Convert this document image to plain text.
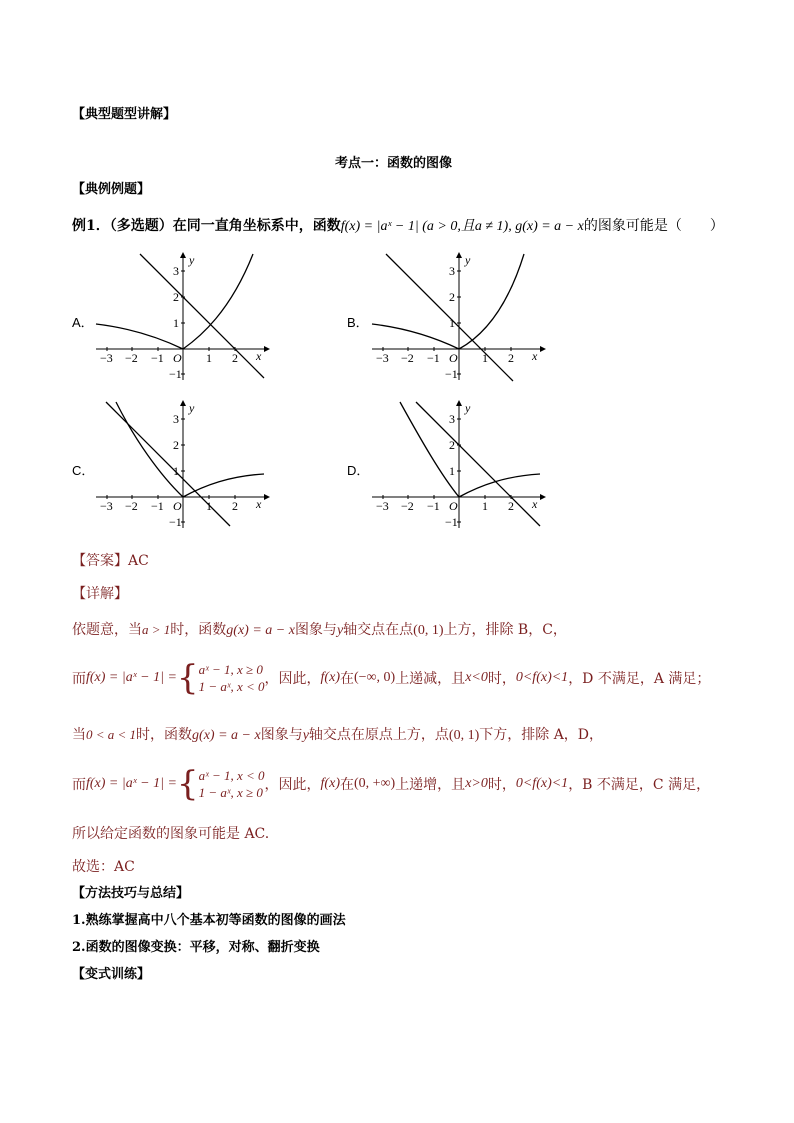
【典型题型讲解】
考点一：函数的图像
【典例例题】
例1．（多选题）在同一直角坐标系中，函数f(x) = |aˣ − 1| (a > 0,且a ≠ 1), g(x) = a − x的图象可能是（　　）
A．	B．
C．	D．
−3 −2 −1	1 2
3
2
1
−1
O	x
y
−3 −2 −1	1 2
3
2
1
−1
O	x
y
−3 −2 −1	1 2
3
2
1
−1
O	x
y
−3 −2 −1	1 2
3
2
1
−1
O	x
y
【答案】AC
【详解】
依题意，当a > 1时，函数g(x) = a − x图象与y轴交点在点(0, 1)上方，排除 B，C，
而 f(x) = |aˣ − 1| = { aˣ − 1, x ≥ 0
1 − aˣ, x < 0 ，因此， f(x) 在 (−∞, 0) 上递减，且 x<0 时， 0<f(x)<1 ，D 不满足，A 满足；
当0 < a < 1时，函数g(x) = a − x图象与y轴交点在原点上方，点(0, 1)下方，排除 A，D，
而 f(x) = |aˣ − 1| = { aˣ − 1, x < 0
1 − aˣ, x ≥ 0 ，因此， f(x) 在 (0, +∞) 上递增，且 x>0 时， 0<f(x)<1 ，B 不满足，C 满足，
所以给定函数的图象可能是 AC.
故选：AC
【方法技巧与总结】
1.熟练掌握高中八个基本初等函数的图像的画法
2.函数的图像变换：平移，对称、翻折变换
【变式训练】
